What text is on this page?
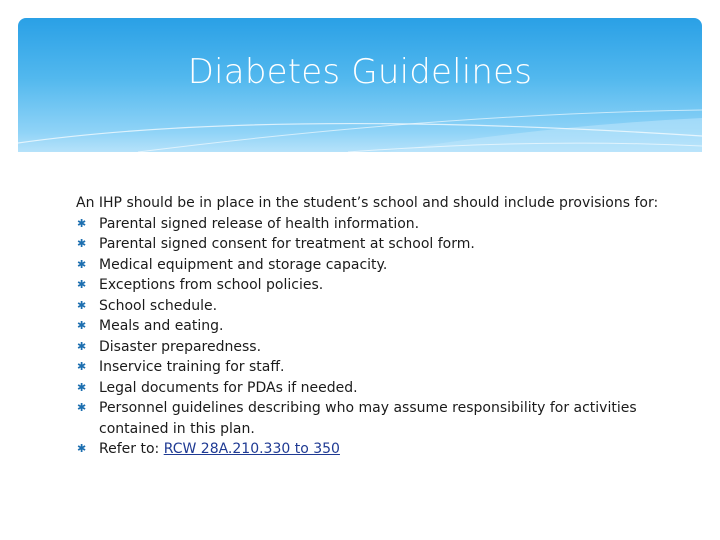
Diabetes Guidelines

An IHP should be in place in the student’s school and should include provisions for:

✱ Parental signed release of health information.
✱ Parental signed consent for treatment at school form.
✱ Medical equipment and storage capacity.
✱ Exceptions from school policies.
✱ School schedule.
✱ Meals and eating.
✱ Disaster preparedness.
✱ Inservice training for staff.
✱ Legal documents for PDAs if needed.
✱ Personnel guidelines describing who may assume responsibility for activities contained in this plan.
✱ Refer to: RCW 28A.210.330 to 350
